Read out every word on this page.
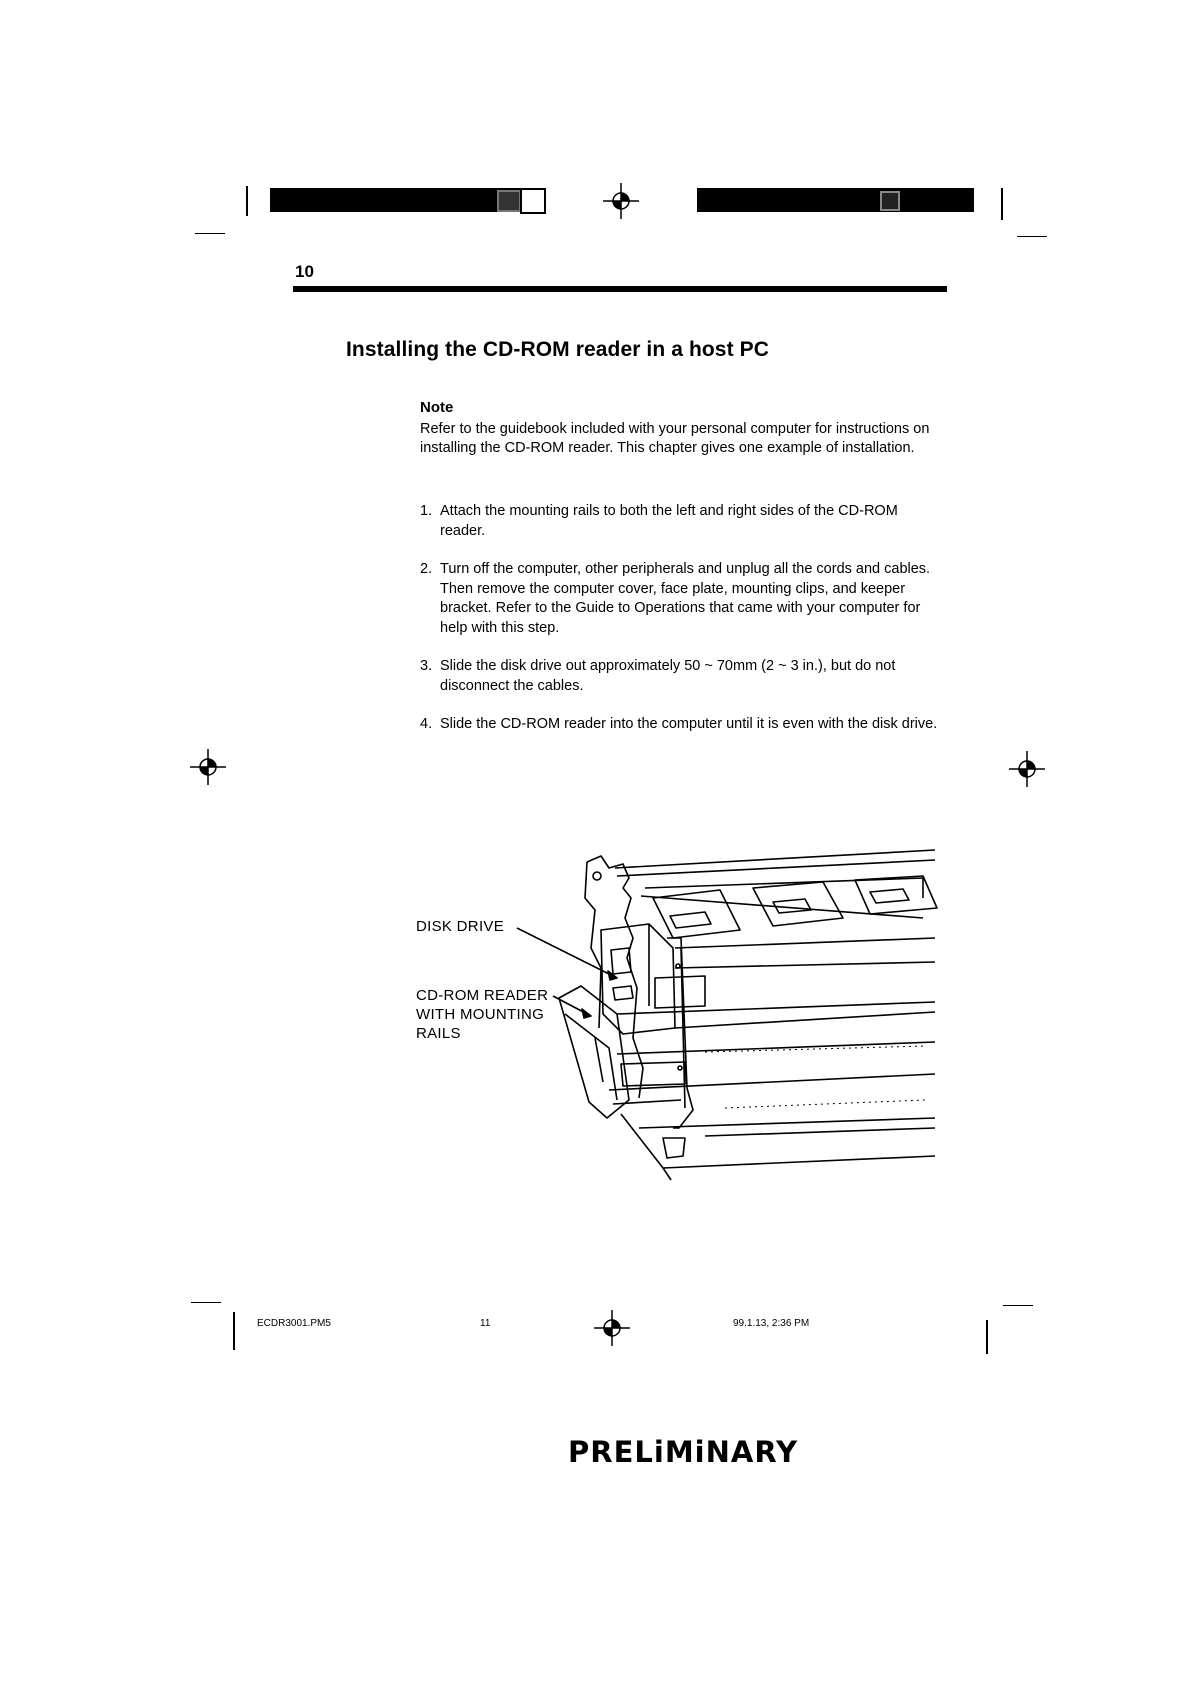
10
Installing the CD-ROM reader in a host PC
Note
Refer to the guidebook included with your personal computer for instructions on installing the CD-ROM reader. This chapter gives one example of installation.
1. Attach the mounting rails to both the left and right sides of the CD-ROM reader.
2. Turn off the computer, other peripherals and unplug all the cords and cables. Then remove the computer cover, face plate, mounting clips, and keeper bracket. Refer to the Guide to Operations that came with your computer for help with this step.
3. Slide the disk drive out approximately 50 ~ 70mm (2 ~ 3 in.), but do not disconnect the cables.
4. Slide the CD-ROM reader into the computer until it is even with the disk drive.
DISK DRIVE
CD-ROM READER
WITH MOUNTING
RAILS
ECDR3001.PM5	11	99.1.13, 2:36 PM
PRELiMiNARY
